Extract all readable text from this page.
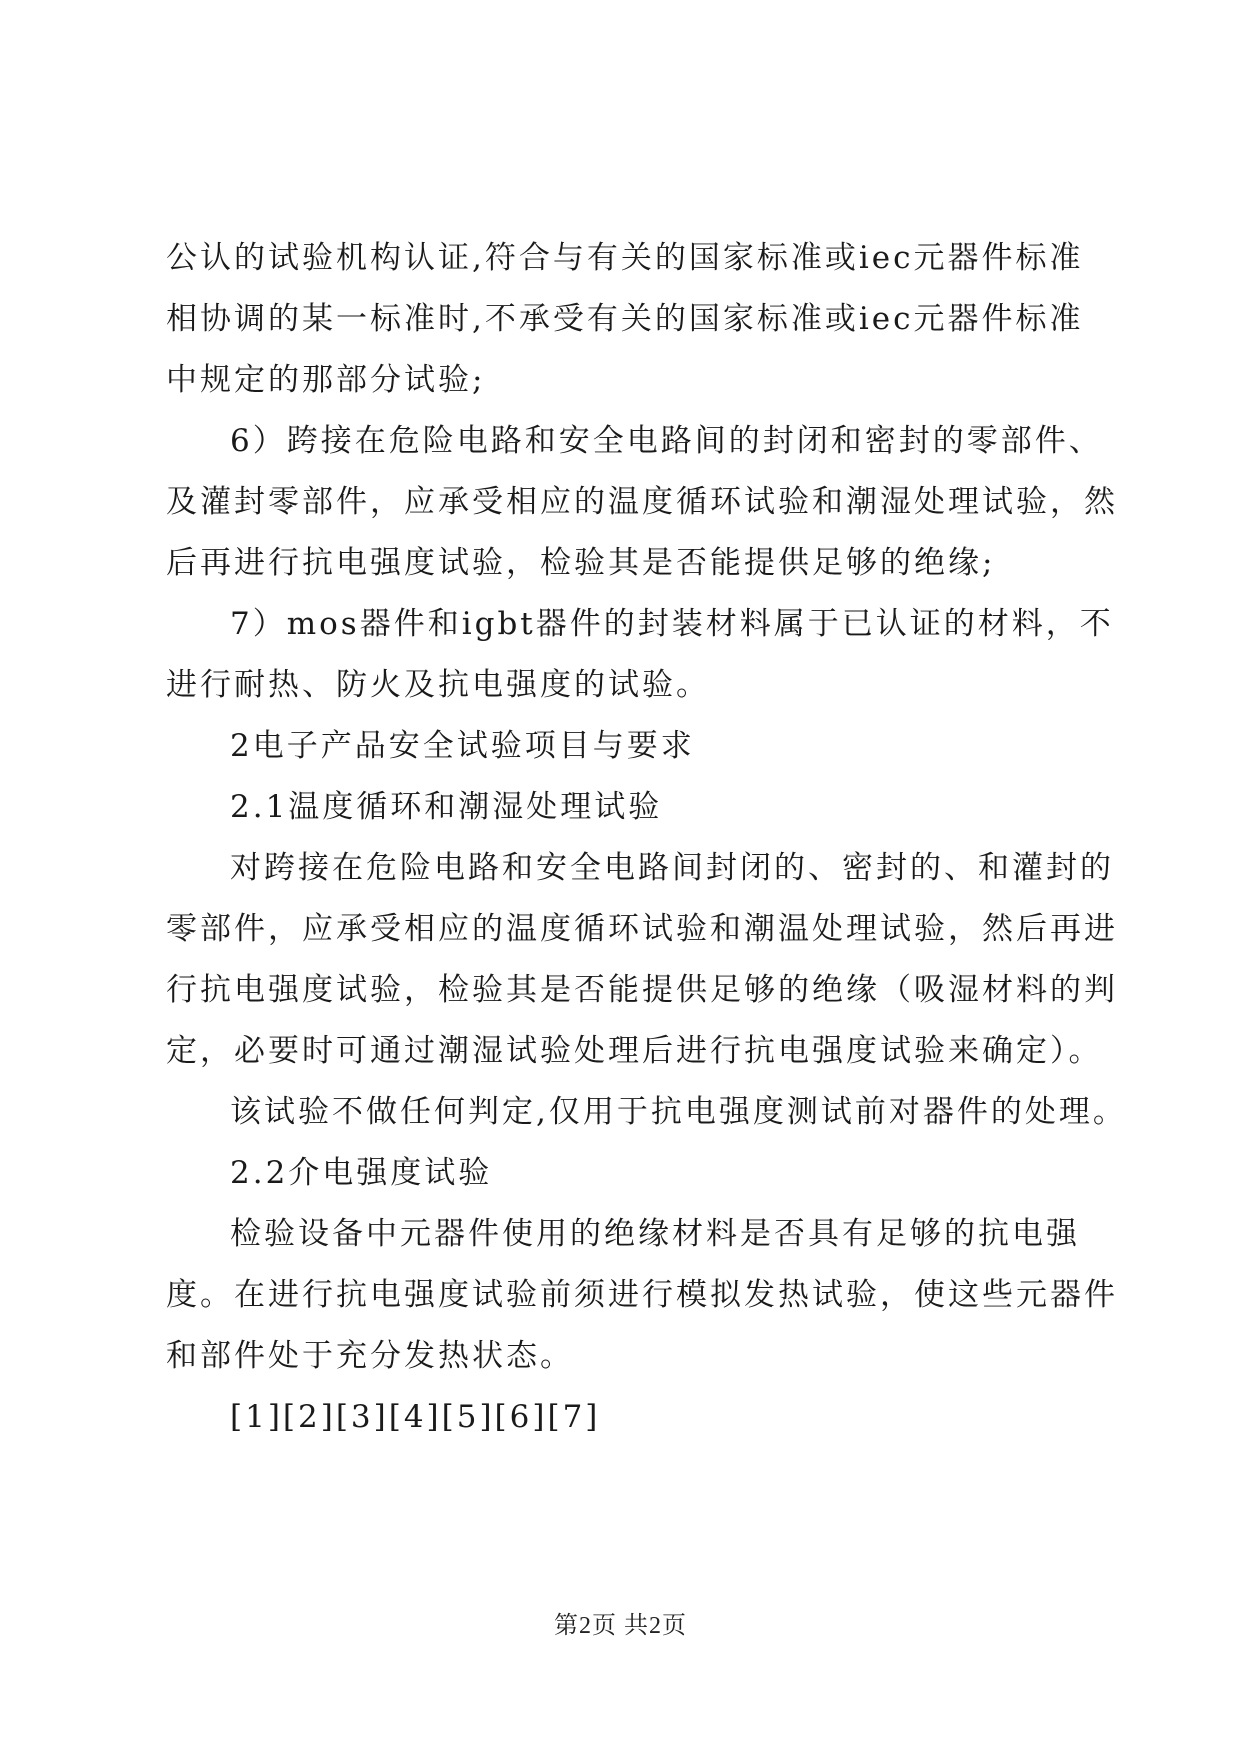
公认的试验机构认证,符合与有关的国家标准或iec元器件标准
相协调的某一标准时,不承受有关的国家标准或iec元器件标准
中规定的那部分试验;
6）跨接在危险电路和安全电路间的封闭和密封的零部件、
及灌封零部件，应承受相应的温度循环试验和潮湿处理试验，然
后再进行抗电强度试验，检验其是否能提供足够的绝缘;
7）mos器件和igbt器件的封装材料属于已认证的材料，不
进行耐热、防火及抗电强度的试验。
2电子产品安全试验项目与要求
2.1温度循环和潮湿处理试验
对跨接在危险电路和安全电路间封闭的、密封的、和灌封的
零部件，应承受相应的温度循环试验和潮温处理试验，然后再进
行抗电强度试验，检验其是否能提供足够的绝缘（吸湿材料的判
定，必要时可通过潮湿试验处理后进行抗电强度试验来确定）。
该试验不做任何判定,仅用于抗电强度测试前对器件的处理。
2.2介电强度试验
检验设备中元器件使用的绝缘材料是否具有足够的抗电强
度。在进行抗电强度试验前须进行模拟发热试验，使这些元器件
和部件处于充分发热状态。
[1][2][3][4][5][6][7]
第2页 共2页
